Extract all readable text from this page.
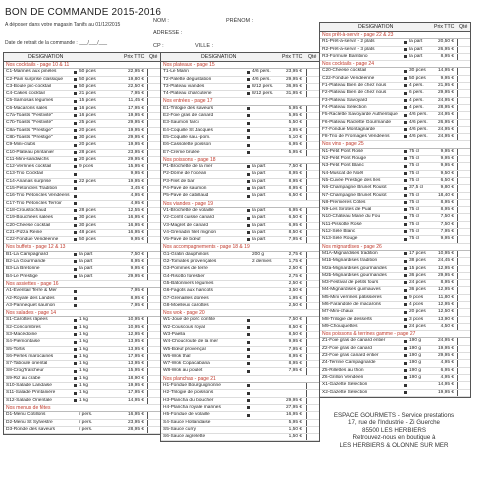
BON DE COMMANDE 2015-2016
A déposer dans votre magasin Tanifs au 01/12/2015
Date de retrait de la commande : ___/___/___
NOM :	PRÉNOM :
ADRESSE :
CP :	VILLE :
DESIGNATION	Prix TTC Qté
Nos cocktails - page 10 & 11
C1-Marinés aux pinèles	50 pces	22,95 €
C2-Pain surprise classique	50 pces	19,80 €
C3-Boule pic-cocktail	50 pces	22,50 €
C4-Cakes cocktail	21 pces	7,95 €
C5-Samosas légumes	15 pces	11,45 €
C6-Macarons salés	16 pces	17,95 €
C7a-Toasts "Festivité"	16 pces	19,95 €
C7b-Toasts "Festivité"	25 pces	29,95 €
C8a-Toasts "Prestige"	20 pces	19,95 €
C8b-Toasts "Prestige"	30 pces	29,95 €
C9-Mini-clubs	20 pces	19,95 €
C10-Plateau printanier	28 pces	23,95 €
C11-Mini-sandwichs	20 pces	29,95 €
C12-Verrines cocktail	9 pces	15,95 €
C13-Trio Cocktail	9,95 €
C14-Ananas surprise	22 pces	19,95 €
C15-Pétoncles Tradition	3,45 €
C16-Trio Pétoncles Vendéens	4,95 €
C17-Trio Pétoncles Terroir	4,95 €
C18-Croustochaud	28 pces	12,55 €
C19-Bouchées salées	30 pces	16,95 €
C20-Cheese cocktail	30 pces	16,95 €
C21-Pizza Reine	48 pces	16,95 €
C22-Fondue Vendéenne	50 pces	9,95 €
Nos buffets - page 12 & 13
B1-La Campagnard	la part	7,50 €
B2-La Gourmande	la part	8,95 €
B3-La Bretonne	la part	9,95 €
B4-Le Prestige	la part	29,95 €
Nos assiettes - page 16
A1-Eventail Terre & Mer	7,95 €
A2-Royale des Landes	8,95 €
A3-Pannequet saumon	7,95 €
Nos salades - page 14
S1-Carottes râpées	1 kg	10,95 €
S2-Concombres	1 kg	10,95 €
S3-Macédoine	1 kg	12,95 €
S4-Piémontaise	1 kg	13,95 €
S5-Tortis	1 kg	13,95 €
S6-Perles marocaines	1 kg	17,95 €
S7-Taboulé oriental	1 kg	13,95 €
S8-Crog'fraîcheur	1 kg	15,95 €
S9-Riz au crabe	1 kg	18,90 €
S10-Salade Landaise	1 kg	19,95 €
S11-Salade Printanière	1 kg	17,95 €
S12-Salade Orientale	1 kg	14,95 €
Nos menus de fêtes
D1-Menu Cotillons	/ pers.	16,95 €
D2-Menu St Sylvestre	/ pers.	23,95 €
D3-Ronde des saveurs	/ pers.	28,95 €
DESIGNATION	Prix TTC Qté
Nos plateaux - page 15
T1-Le Marin	4/6 pers.	23,95 €
T2-Palette dégustation	4/6 pers.	29,95 €
T3-Plateau viandes	8/12 pers.	36,95 €
T4-Plateau charcuterie	8/12 pers.	31,95 €
Nos entrées - page 17
E1-Trilogie des saveurs	5,95 €
E2-Foie gras de canard	5,95 €
E3-Saumon farci	5,50 €
E4-Coquille St Jacques	3,95 €
E5-Coquille sau.-pom.	5,10 €
E6-Cassolette poisson	6,95 €
E7-Crème brulée	5,95 €
Nos poissons - page 18
P1-Brochette de la mer	la part	7,50 €
P2-Dôme de l'océan	la part	8,95 €
P3-Filet de bar	la part	8,95 €
P4-Pavé de saumon	la part	8,95 €
P5-Pavé de cabillaud	la part	6,50 €
Nos viandes - page 19
V1-Brochette de volaille	la part	6,95 €
V2-Confit cuisse canard	la part	6,50 €
V3-Magret de canard	la part	6,95 €
V4-Grenadin filet mignon	la part	8,50 €
V5-Pavé de bœuf	la part	7,95 €
Nos accompagnements - page 18 & 19
G1-Gratin dauphinois	200 g	2,75 €
G2-Tomates provençales	2 demies	1,75 €
G3-Pommes de terre	2,50 €
G4-Risotto forestier	2,75 €
G5-Bâtonniers légumes	2,50 €
G6-Fagots aux haricots	3,50 €
G7-Grenailles dorées	1,95 €
G8-Moelleux carottes	2,50 €
Nos wok - page 20
W1-Joue de porc confite	7,50 €
W2-Couscous royal	8,50 €
W3-Paella	8,50 €
W4-Choucroute de la mer	9,95 €
W5-Bœuf provençal	7,95 €
W6-Wok thaï	8,95 €
W7-Wok Copacabana	8,95 €
W8-Wok au poulet	7,95 €
Nos planchas - page 21
H1-Fondue Bourguignonne
H2-Trilogie de poissons
H3-Plancha du boucher	29,95 €
H4-Plancha royale marines	27,95 €
H5-Fondue de volaille	16,95 €
S4-Sauce Hollandaise	5,95 €
S5-Sauce curry	1,50 €
S6-Sauce aigrelette	1,50 €
DESIGNATION	Prix TTC Qté
Nos prêt-à-servir - page 22 & 23
R1-Prêt-à-servir - 2 plats	la part	20,50 €
R2-Prêt-à-servir - 3 plats	la part	26,95 €
R3-Formule Bambino	la part	8,95 €
Nos cocktails - page 24
C20-Cheese cocktail	30 pces	14,95 €
C22-Fondue Vendéenne	50 pces	9,95 €
F1-Plateau Bien de chez nous	4 pers.	21,95 €
F2-Plateau Bien de chez nous	6 pers.	29,95 €
F3-Plateau Savoyard	4 pers.	24,95 €
F4-Plateau Sélection	4 pers.	28,95 €
F5-Raclette Savoyarde Authentique 4/6 pers. 24,95 €
F6-Plateau Raclette Gourmande	4/6 pers. 26,95 €
F7-Fondue Montagnarde	4/6 pers. 24,95 €
F8-Trio de Fromages Vendéens	4/6 pers. 24,95 €
Nos vins - page 25
N1-Petit Pont Rosé	75 cl	9,95 €
N2-Petit Pont Rouge	75 cl	9,95 €
N3-Petit Pont Blanc	75 cl	9,95 €
N4-Muscat de Noël	75 cl	9,50 €
N5-Cuvée Prestige des Iles	75 cl	6,50 €
N6-Champagne Brunet Roulot	37,5 cl	9,80 €
N7-Champagne Brunet Roulot	75 cl	18,40 €
N8-Premières Côtes	75 cl	8,95 €
N9-Les Sirotes de Pual	75 cl	8,95 €
N10-Château Mané du Fou	75 cl	7,50 €
N11-Pissotte Rosé	75 cl	7,50 €
N12-Sélé Blanc	75 cl	7,95 €
N13-Sélé Rouge	75 cl	9,95 €
Nos mignardises - page 26
M1A-Mignardises tradition	17 pces	10,95 €
M1b-Mignardises tradition	38 pces	24,45 €
M2a-Mignardises gourmandes	15 pces	12,95 €
M2b-Mignardises gourmandes	36 pces	29,95 €
M3-Festival de petits fours	24 pces	8,95 €
M4-Mignardises guimauves	36 pces	12,95 €
M5-Mini verrines pâtissières	9 pces	11,80 €
M6-Farandole de macarons	4 pces	12,95 €
M7-Mini-chaux	20 pces	12,50 €
M8-Trilogie de desserts	3 pces	13,90 €
M9-Chouquettes	24 pces	4,50 €
Nos poissons & terrines gamme - page 27
Z1-Foie gras de canard entier	190 g	24,95 €
Z2-Foie gras de canard	190 g	19,95 €
Z3-Foie gras canard entier	190 g	29,95 €
Z4-Terrine Campagnarde	190 g	4,95 €
Z5-Rillettes au thon	190 g	6,95 €
Z6-Grillon Vendéen	190 g	4,95 €
X1-Gazette Sélection	14,95 €
X2-Gazette Sélection	19,95 €
ESPACE GOURMETS - Service prestations
17, rue de l'Industrie - Zi Guerche
85500 LES HERBIERS
Retrouvez-nous en boutique à
LES HERBIERS & OLONNE SUR MER
